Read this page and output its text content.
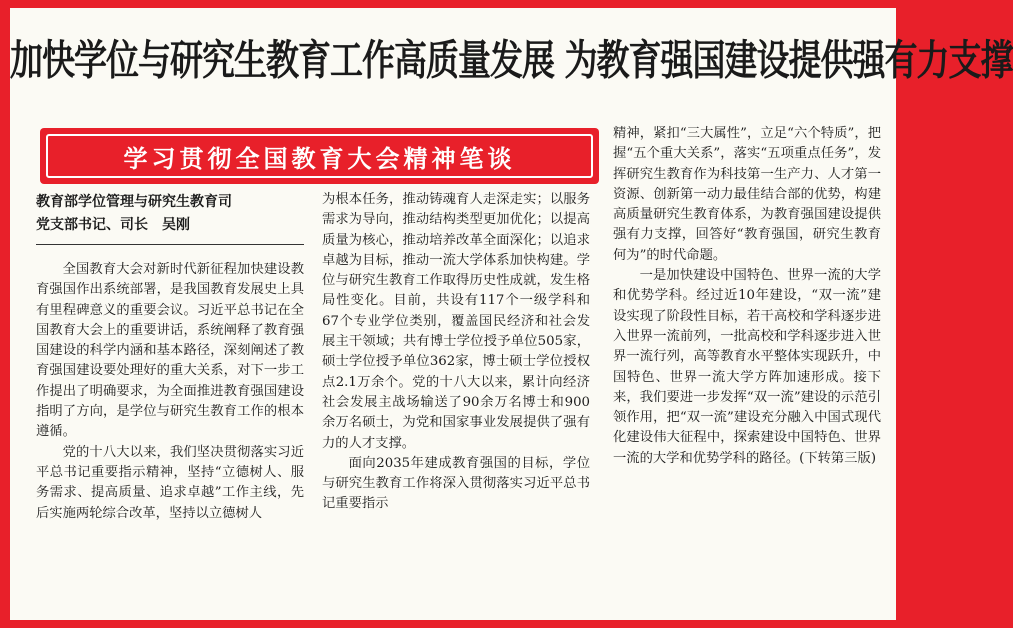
加快学位与研究生教育工作高质量发展 为教育强国建设提供强有力支撑
学习贯彻全国教育大会精神笔谈
教育部学位管理与研究生教育司
党支部书记、司长　吴刚

全国教育大会对新时代新征程加快建设教育强国作出系统部署，是我国教育发展史上具有里程碑意义的重要会议。习近平总书记在全国教育大会上的重要讲话，系统阐释了教育强国建设的科学内涵和基本路径，深刻阐述了教育强国建设要处理好的重大关系，对下一步工作提出了明确要求，为全面推进教育强国建设指明了方向，是学位与研究生教育工作的根本遵循。

党的十八大以来，我们坚决贯彻落实习近平总书记重要指示精神，坚持“立德树人、服务需求、提高质量、追求卓越”工作主线，先后实施两轮综合改革，坚持以立德树人

为根本任务，推动铸魂育人走深走实；以服务需求为导向，推动结构类型更加优化；以提高质量为核心，推动培养改革全面深化；以追求卓越为目标，推动一流大学体系加快构建。学位与研究生教育工作取得历史性成就，发生格局性变化。目前，共设有117个一级学科和67个专业学位类别，覆盖国民经济和社会发展主干领域；共有博士学位授予单位505家，硕士学位授予单位362家，博士硕士学位授权点2.1万余个。党的十八大以来，累计向经济社会发展主战场输送了90余万名博士和900余万名硕士，为党和国家事业发展提供了强有力的人才支撑。

面向2035年建成教育强国的目标，学位与研究生教育工作将深入贯彻落实习近平总书记重要指示

精神，紧扣“三大属性”，立足“六个特质”，把握“五个重大关系”，落实“五项重点任务”，发挥研究生教育作为科技第一生产力、人才第一资源、创新第一动力最佳结合部的优势，构建高质量研究生教育体系，为教育强国建设提供强有力支撑，回答好“教育强国，研究生教育何为”的时代命题。

一是加快建设中国特色、世界一流的大学和优势学科。经过近10年建设，“双一流”建设实现了阶段性目标，若干高校和学科逐步进入世界一流前列，一批高校和学科逐步进入世界一流行列，高等教育水平整体实现跃升，中国特色、世界一流大学方阵加速形成。接下来，我们要进一步发挥“双一流”建设的示范引领作用，把“双一流”建设充分融入中国式现代化建设伟大征程中，探索建设中国特色、世界一流的大学和优势学科的路径。(下转第三版)
